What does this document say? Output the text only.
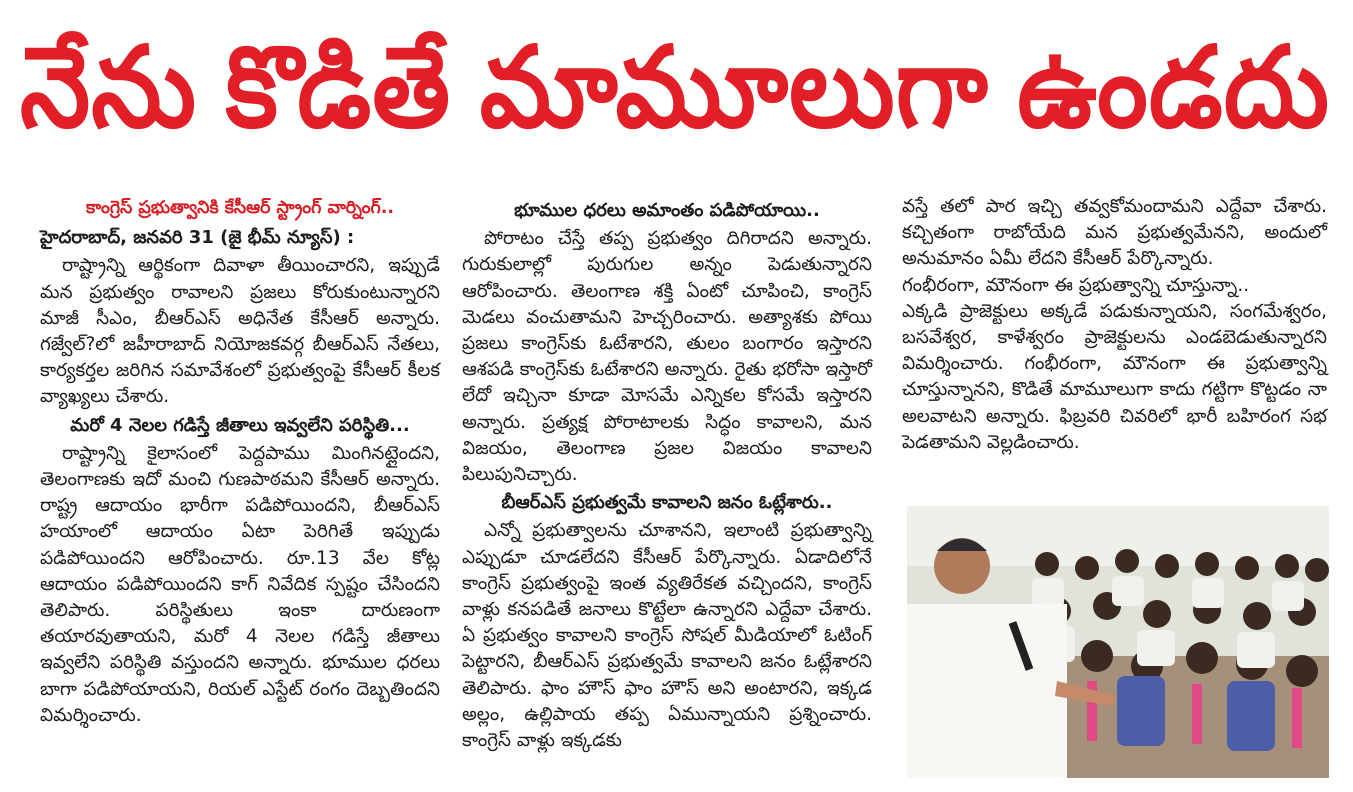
నేను కొడితే మామూలుగా ఉండదు
కాంగ్రెస్ ప్రభుత్వానికి కేసీఆర్ స్ట్రాంగ్ వార్నింగ్..
హైదరాబాద్, జనవరి 31 (జై భీమ్ న్యూస్) :
రాష్ట్రాన్ని ఆర్థికంగా దివాళా తీయించారని, ఇప్పుడే మన ప్రభుత్వం రావాలని ప్రజలు కోరుకుంటున్నారని మాజీ సీఎం, బీఆర్ఎస్ అధినేత కేసీఆర్ అన్నారు. గజ్వేల్?లో జహీరాబాద్ నియోజకవర్గ బీఆర్ఎస్ నేతలు, కార్యకర్తల జరిగిన సమావేశంలో ప్రభుత్వంపై కేసీఆర్ కీలక వ్యాఖ్యలు చేశారు.
మరో 4 నెలల గడిస్తే జీతాలు ఇవ్వలేని పరిస్థితి...
రాష్ట్రాన్ని కైలాసంలో పెద్దపాము మింగినట్లైందని, తెలంగాణకు ఇదో మంచి గుణపాఠమని కేసీఆర్ అన్నారు. రాష్ట్ర ఆదాయం భారీగా పడిపోయిందని, బీఆర్ఎస్ హయాంలో ఆదాయం ఏటా పెరిగితే ఇప్పుడు పడిపోయిందని ఆరోపించారు. రూ.13 వేల కోట్ల ఆదాయం పడిపోయిందని కాగ్ నివేదిక స్పష్టం చేసిందని తెలిపారు. పరిస్థితులు ఇంకా దారుణంగా తయారవుతాయని, మరో 4 నెలల గడిస్తే జీతాలు ఇవ్వలేని పరిస్థితి వస్తుందని అన్నారు. భూముల ధరలు బాగా పడిపోయాయని, రియల్ ఎస్టేట్ రంగం దెబ్బతిందని విమర్శించారు.
భూముల ధరలు అమాంతం పడిపోయాయి..
పోరాటం చేస్తే తప్ప ప్రభుత్వం దిగిరాదని అన్నారు. గురుకులాల్లో పురుగుల అన్నం పెడుతున్నారని ఆరోపించారు. తెలంగాణ శక్తి ఏంటో చూపించి, కాంగ్రెస్ మెడలు వంచుతామని హెచ్చరించారు. అత్యాశకు పోయి ప్రజలు కాంగ్రెస్‌కు ఓటేశారని, తులం బంగారం ఇస్తారని ఆశపడి కాంగ్రెస్‌కు ఓటేశారని అన్నారు. రైతు భరోసా ఇస్తారో లేదో ఇచ్చినా కూడా మోసమే ఎన్నికల కోసమే ఇస్తారని అన్నారు. ప్రత్యక్ష పోరాటాలకు సిద్ధం కావాలని, మన విజయం, తెలంగాణ ప్రజల విజయం కావాలని పిలుపునిచ్చారు.
బీఆర్ఎస్ ప్రభుత్వమే కావాలని జనం ఓట్లేశారు..
ఎన్నో ప్రభుత్వాలను చూశానని, ఇలాంటి ప్రభుత్వాన్ని ఎప్పుడూ చూడలేదని కేసీఆర్ పేర్కొన్నారు. ఏడాదిలోనే కాంగ్రెస్ ప్రభుత్వంపై ఇంత వ్యతిరేకత వచ్చిందని, కాంగ్రెస్ వాళ్లు కనపడితే జనాలు కొట్టేలా ఉన్నారని ఎద్దేవా చేశారు. ఏ ప్రభుత్వం కావాలని కాంగ్రెస్ సోషల్ మీడియాలో ఓటింగ్ పెట్టారని, బీఆర్ఎస్ ప్రభుత్వమే కావాలని జనం ఓట్లేశారని తెలిపారు. ఫాం హౌస్ ఫాం హౌస్ అని అంటారని, ఇక్కడ అల్లం, ఉల్లిపాయ తప్ప ఏమున్నాయని ప్రశ్నించారు. కాంగ్రెస్ వాళ్లు ఇక్కడకు
వస్తే తలో పార ఇచ్చి తవ్వకోమందామని ఎద్దేవా చేశారు. కచ్చితంగా రాబోయేది మన ప్రభుత్వమేనని, అందులో అనుమానం ఏమీ లేదని కేసీఆర్ పేర్కొన్నారు.
గంభీరంగా, మౌనంగా ఈ ప్రభుత్వాన్ని చూస్తున్నా..
ఎక్కడి ప్రాజెక్టులు అక్కడే పడుకున్నాయని, సంగమేశ్వరం, బసవేశ్వర, కాళేశ్వరం ప్రాజెక్టులను ఎండబెడుతున్నారని విమర్శించారు. గంభీరంగా, మౌనంగా ఈ ప్రభుత్వాన్ని చూస్తున్నానని, కొడితే మామూలుగా కాదు గట్టిగా కొట్టడం నా అలవాటని అన్నారు. ఫిబ్రవరి చివరిలో భారీ బహిరంగ సభ పెడతామని వెల్లడించారు.
